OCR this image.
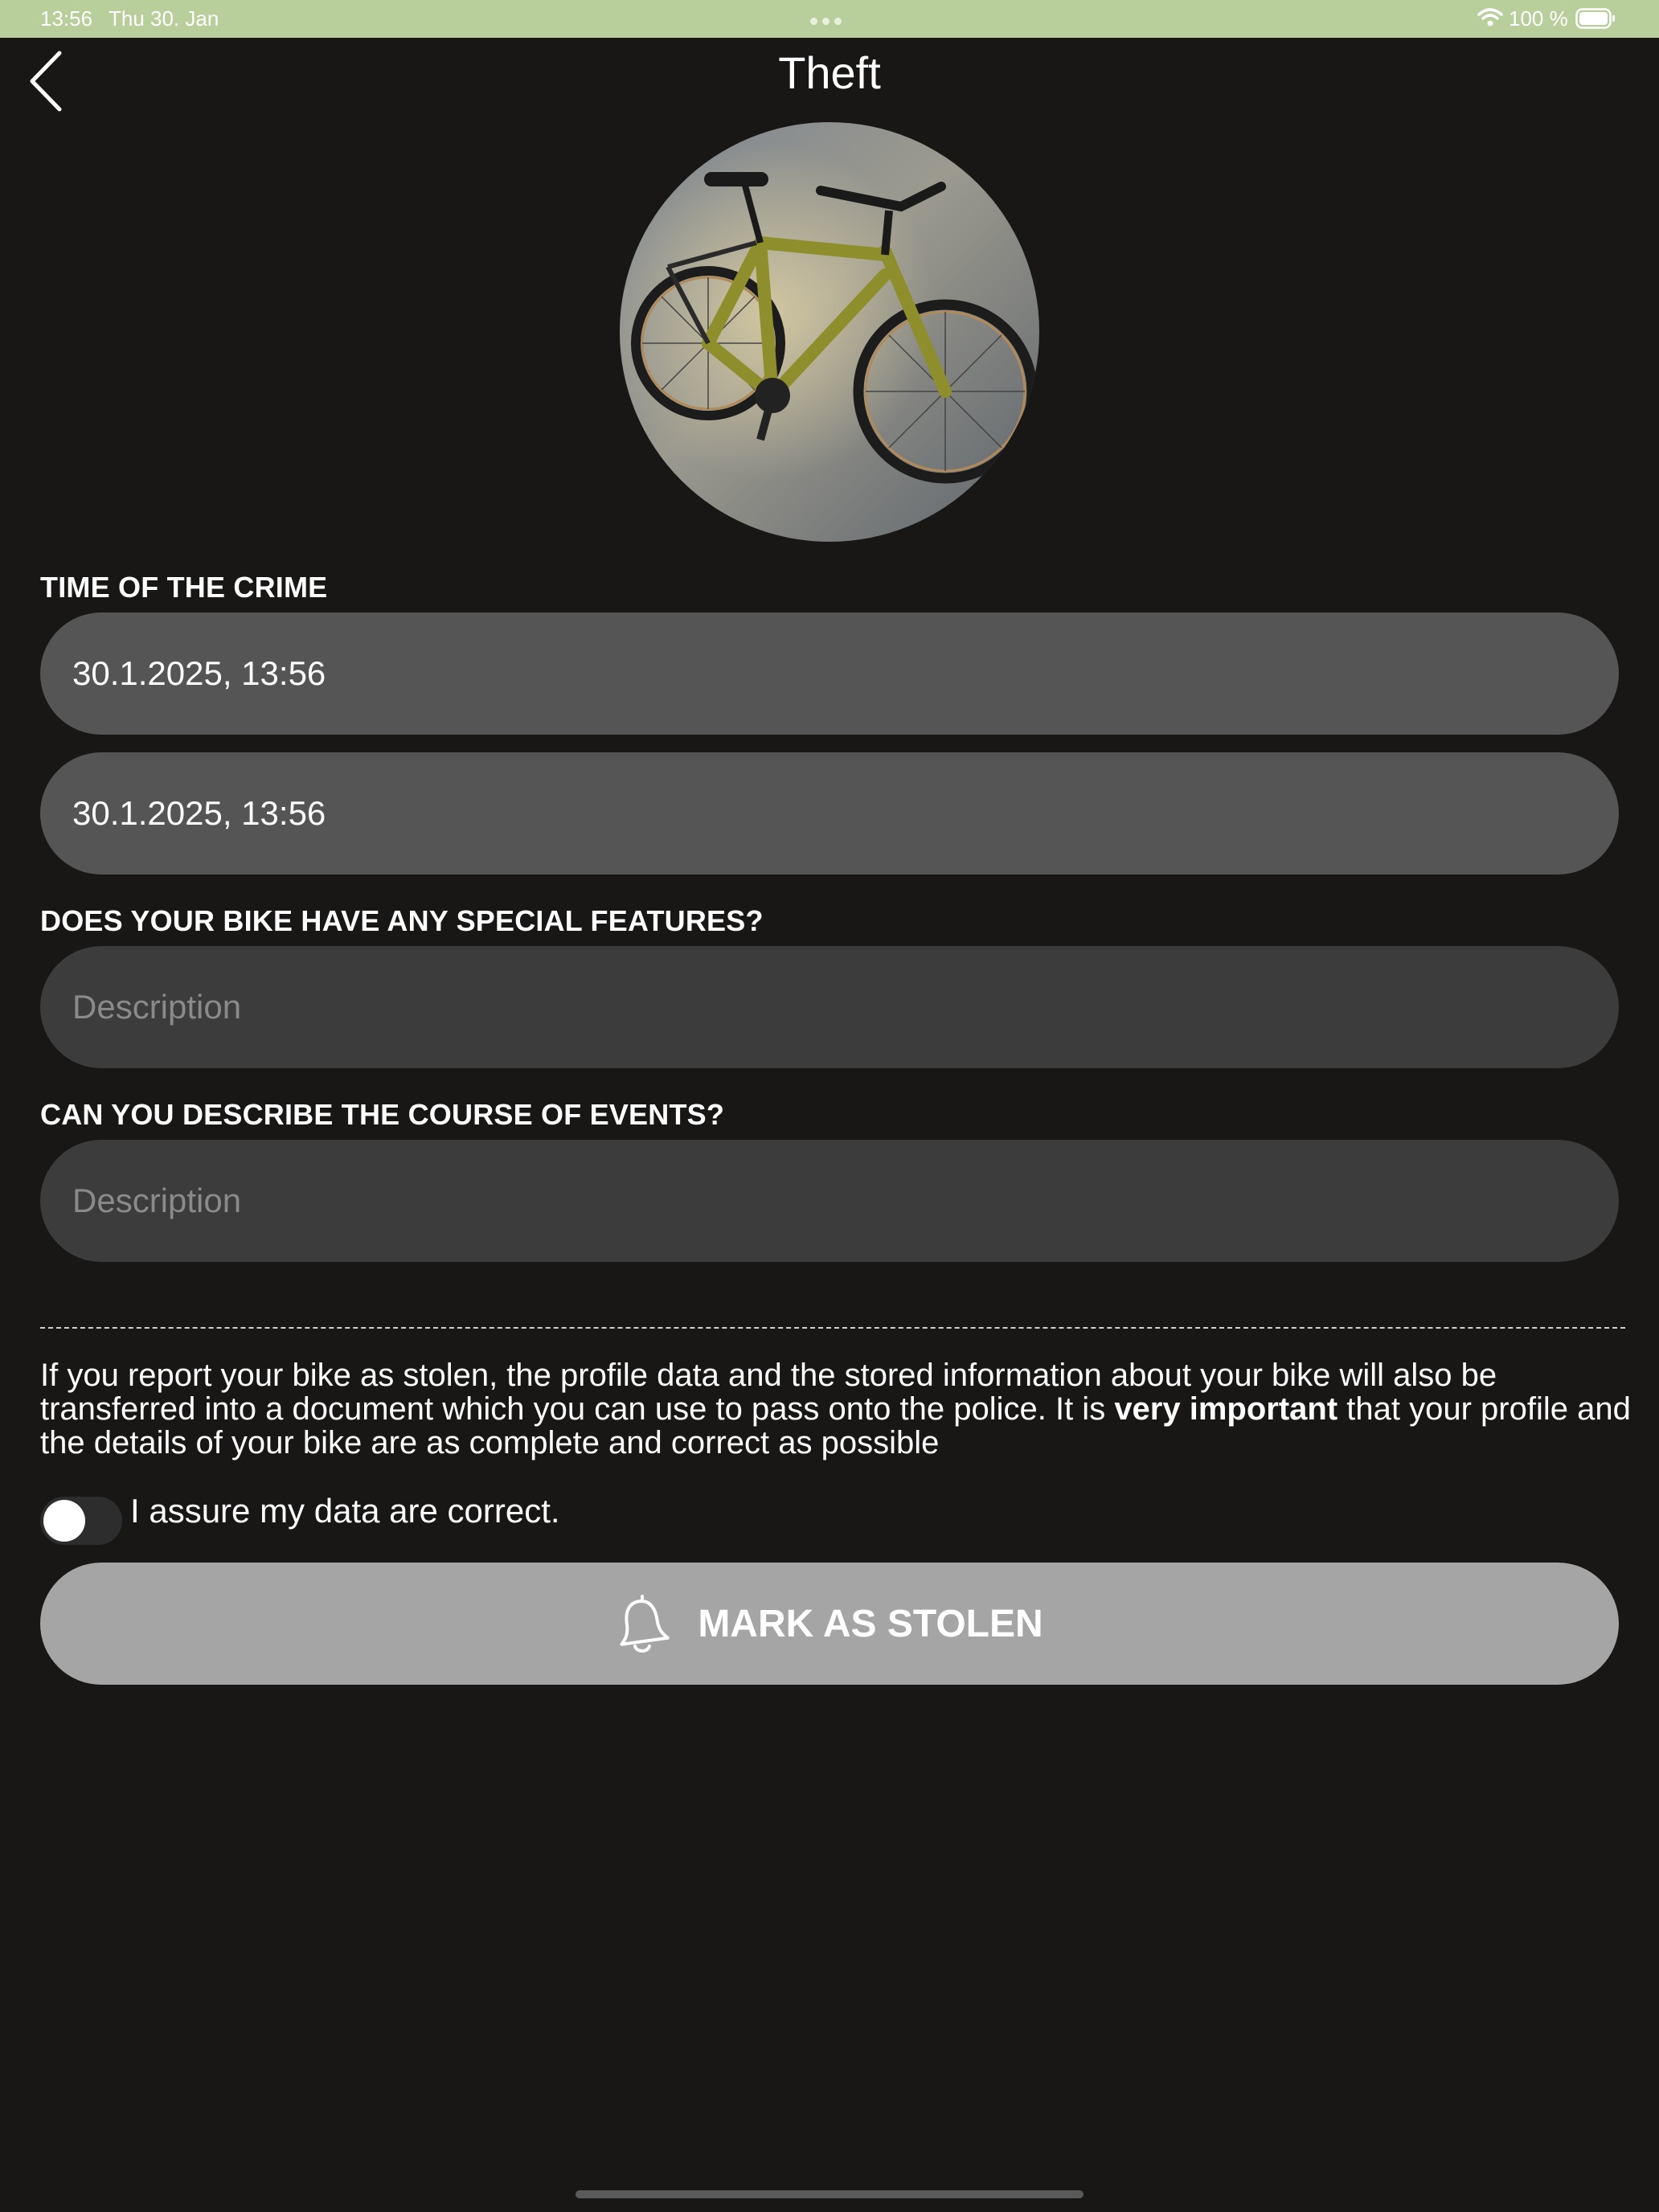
13:56 Thu 30. Jan	100 %
Theft
TIME OF THE CRIME
30.1.2025, 13:56
30.1.2025, 13:56
DOES YOUR BIKE HAVE ANY SPECIAL FEATURES?
Description
CAN YOU DESCRIBE THE COURSE OF EVENTS?
Description
If you report your bike as stolen, the profile data and the stored information about your bike will also be transferred into a document which you can use to pass onto the police. It is very important that your profile and the details of your bike are as complete and correct as possible
I assure my data are correct.
MARK AS STOLEN
